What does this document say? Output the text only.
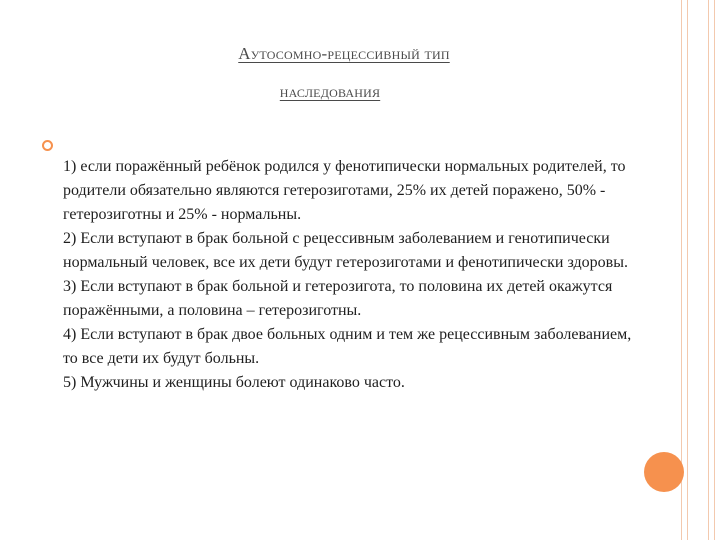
Аутосомно-рецессивный тип
наследования

1) если поражённый ребёнок родился у фенотипически нормальных родителей, то родители обязательно являются гетерозиготами, 25% их детей поражено, 50% - гетерозиготны и 25% - нормальны.

2) Если вступают в брак больной с рецессивным заболеванием и генотипически нормальный человек, все их дети будут гетерозиготами и фенотипически здоровы.

3) Если вступают в брак больной и гетерозигота, то половина их детей окажутся поражёнными, а половина – гетерозиготны.

4) Если вступают в брак двое больных одним и тем же рецессивным заболеванием, то все дети их будут больны.

5) Мужчины и женщины болеют одинаково часто.
